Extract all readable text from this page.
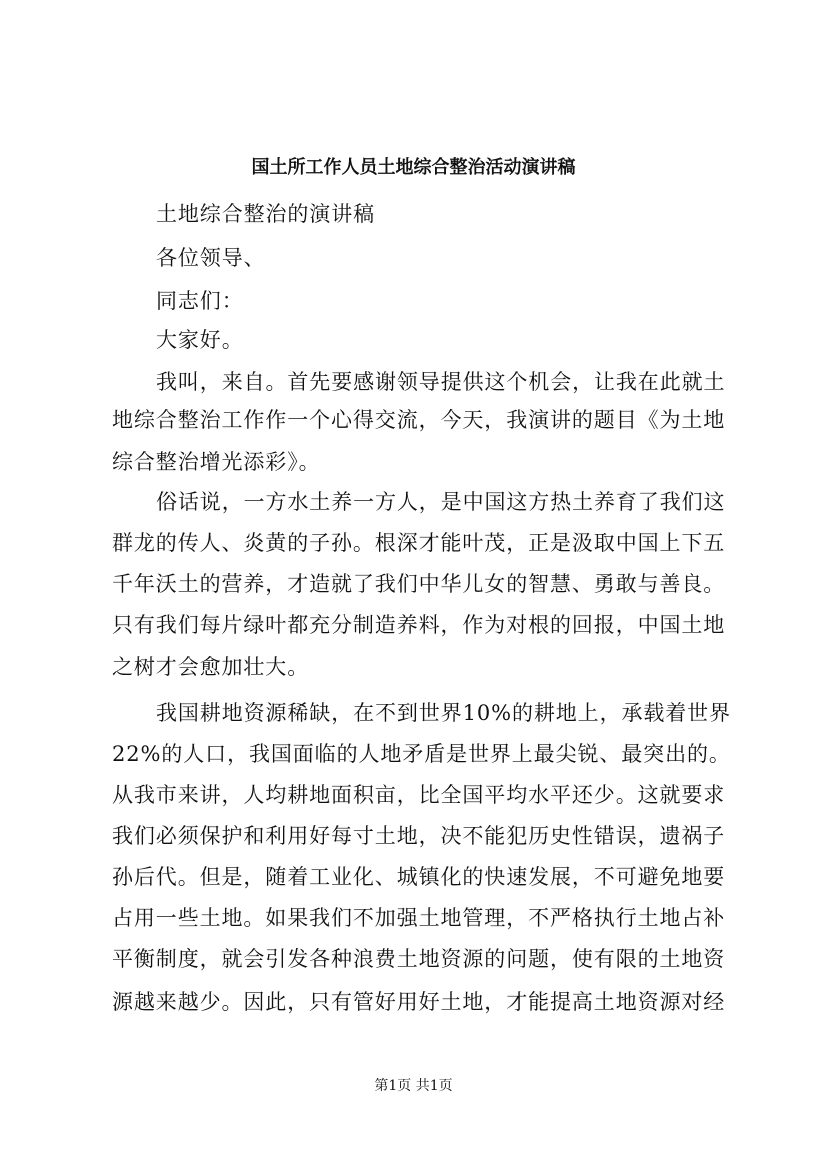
国土所工作人员土地综合整治活动演讲稿
土地综合整治的演讲稿
各位领导、
同志们：
大家好。
我叫，来自。首先要感谢领导提供这个机会，让我在此就土
地综合整治工作作一个心得交流，今天，我演讲的题目《为土地
综合整治增光添彩》。
俗话说，一方水土养一方人，是中国这方热土养育了我们这
群龙的传人、炎黄的子孙。根深才能叶茂，正是汲取中国上下五
千年沃土的营养，才造就了我们中华儿女的智慧、勇敢与善良。
只有我们每片绿叶都充分制造养料，作为对根的回报，中国土地
之树才会愈加壮大。
我国耕地资源稀缺，在不到世界10%的耕地上，承载着世界
22%的人口，我国面临的人地矛盾是世界上最尖锐、最突出的。
从我市来讲，人均耕地面积亩，比全国平均水平还少。这就要求
我们必须保护和利用好每寸土地，决不能犯历史性错误，遗祸子
孙后代。但是，随着工业化、城镇化的快速发展，不可避免地要
占用一些土地。如果我们不加强土地管理，不严格执行土地占补
平衡制度，就会引发各种浪费土地资源的问题，使有限的土地资
源越来越少。因此，只有管好用好土地，才能提高土地资源对经
第1页 共1页
